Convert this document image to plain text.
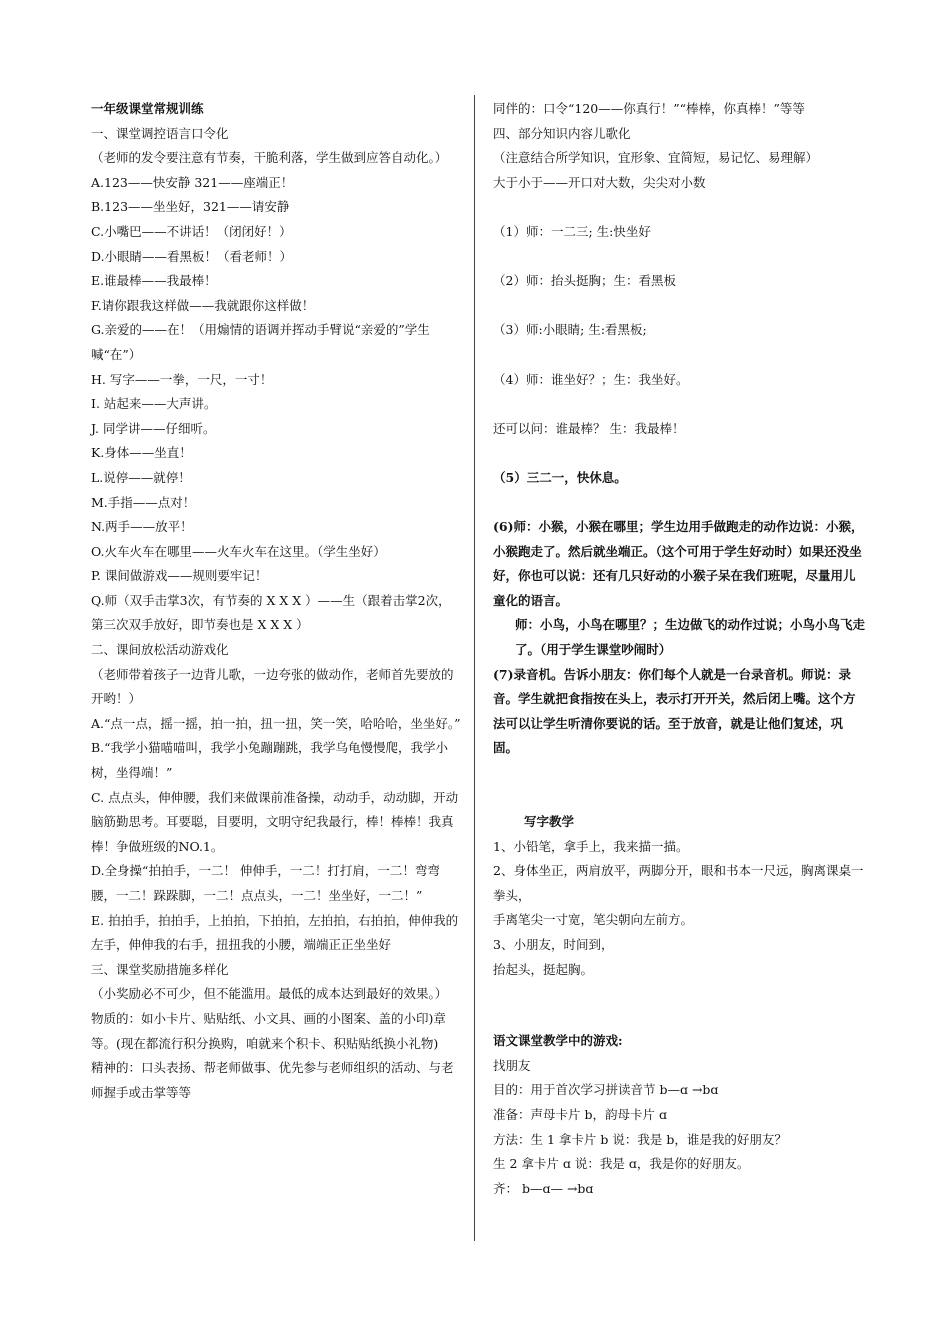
一年级课堂常规训练

一、课堂调控语言口令化

（老师的发令要注意有节奏，干脆利落，学生做到应答自动化。）

A.123——快安静 321——座端正！

B.123——坐坐好，321——请安静

C.小嘴巴——不讲话！（闭闭好！）

D.小眼睛——看黑板！（看老师！）

E.谁最棒——我最棒！

F.请你跟我这样做——我就跟你这样做！

G.亲爱的——在！（用煽情的语调并挥动手臂说“亲爱的”学生喊“在”）

H. 写字——一拳，一尺，一寸！

I. 站起来——大声讲。

J. 同学讲——仔细听。

K.身体——坐直！

L.说停——就停！

M.手指——点对！

N.两手——放平！

O.火车火车在哪里——火车火车在这里。（学生坐好）

P. 课间做游戏——规则要牢记！

Q.师（双手击掌3次，有节奏的 X X X ）——生（跟着击掌2次，第三次双手放好，即节奏也是 X X X ）

二、课间放松活动游戏化

（老师带着孩子一边背儿歌，一边夸张的做动作，老师首先要放的开哟！）

A.“点一点，摇一摇，拍一拍，扭一扭，笑一笑，哈哈哈，坐坐好。”

B.“我学小猫喵喵叫，我学小兔蹦蹦跳，我学乌龟慢慢爬，我学小树，坐得端！”

C. 点点头，伸伸腰，我们来做课前准备操，动动手，动动脚，开动脑筋勤思考。耳要聪，目要明，文明守纪我最行，棒！棒棒！我真棒！争做班级的NO.1。

D.全身操“拍拍手，一二！ 伸伸手，一二！打打肩，一二！弯弯腰，一二！跺跺脚，一二！点点头，一二！坐坐好，一二！”

E. 拍拍手，拍拍手，上拍拍，下拍拍，左拍拍，右拍拍，伸伸我的左手，伸伸我的右手，扭扭我的小腰，端端正正坐坐好

三、课堂奖励措施多样化

（小奖励必不可少，但不能滥用。最低的成本达到最好的效果。）

物质的：如小卡片、贴贴纸、小文具、画的小图案、盖的小印)章等。(现在都流行积分换购，咱就来个积卡、积贴贴纸换小礼物)

精神的：口头表扬、帮老师做事、优先参与老师组织的活动、与老师握手或击掌等等

同伴的：口令“120——你真行！”“棒棒，你真棒！”等等

四、部分知识内容儿歌化

（注意结合所学知识，宜形象、宜简短，易记忆、易理解）

大于小于——开口对大数，尖尖对小数

（1）师：一二三; 生:快坐好

（2）师：抬头挺胸；生：看黑板

（3）师:小眼睛; 生:看黑板;

（4）师：谁坐好？；生：我坐好。

还可以问：谁最棒？ 生：我最棒！

（5）三二一，快休息。

(6)师：小猴，小猴在哪里；学生边用手做跑走的动作边说：小猴，小猴跑走了。然后就坐端正。（这个可用于学生好动时）如果还没坐好，你也可以说：还有几只好动的小猴子呆在我们班呢，尽量用儿童化的语言。

师：小鸟，小鸟在哪里？；生边做飞的动作过说；小鸟小鸟飞走了。（用于学生课堂吵闹时）

(7)录音机。告诉小朋友：你们每个人就是一台录音机。师说：录音。学生就把食指按在头上，表示打开开关，然后闭上嘴。这个方法可以让学生听清你要说的话。至于放音，就是让他们复述，巩固。

写字教学

1、小铅笔，拿手上，我来描一描。

2、身体坐正，两肩放平，两脚分开，眼和书本一尺远，胸离课桌一拳头，

手离笔尖一寸宽，笔尖朝向左前方。

3、小朋友，时间到，

抬起头，挺起胸。

语文课堂教学中的游戏:

找朋友

目的：用于首次学习拼读音节 b—ɑ →bɑ

准备：声母卡片 b，韵母卡片 ɑ

方法：生 1 拿卡片 b 说：我是 b，谁是我的好朋友？

生 2 拿卡片 ɑ 说：我是 ɑ，我是你的好朋友。

齐： b—ɑ— →bɑ
